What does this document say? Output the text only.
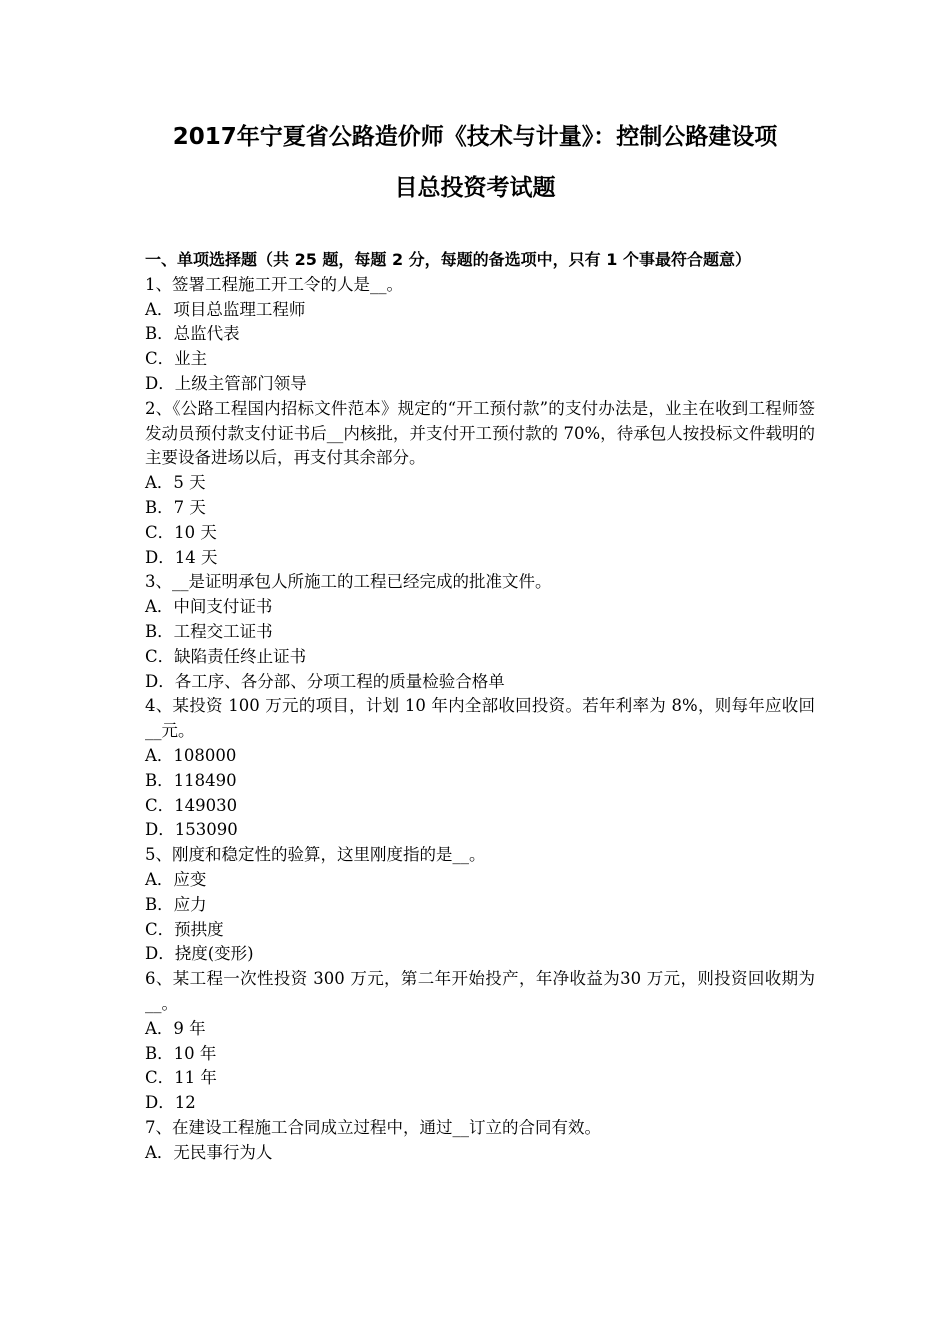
2017年宁夏省公路造价师《技术与计量》：控制公路建设项
目总投资考试题

一、单项选择题（共 25 题，每题 2 分，每题的备选项中，只有 1 个事最符合题意）

1、签署工程施工开工令的人是__。

A．项目总监理工程师

B．总监代表

C．业主

D．上级主管部门领导

2、《公路工程国内招标文件范本》规定的“开工预付款”的支付办法是，业主在收到工程师签发动员预付款支付证书后__内核批，并支付开工预付款的 70%，待承包人按投标文件载明的主要设备进场以后，再支付其余部分。

A．5 天

B．7 天

C．10 天

D．14 天

3、__是证明承包人所施工的工程已经完成的批准文件。

A．中间支付证书

B．工程交工证书

C．缺陷责任终止证书

D．各工序、各分部、分项工程的质量检验合格单

4、某投资 100 万元的项目，计划 10 年内全部收回投资。若年利率为 8%，则每年应收回__元。

A．108000

B．118490

C．149030

D．153090

5、刚度和稳定性的验算，这里刚度指的是__。

A．应变

B．应力

C．预拱度

D．挠度(变形)

6、某工程一次性投资 300 万元，第二年开始投产，年净收益为30 万元，则投资回收期为__。

A．9 年

B．10 年

C．11 年

D．12

7、在建设工程施工合同成立过程中，通过__订立的合同有效。

A．无民事行为人
